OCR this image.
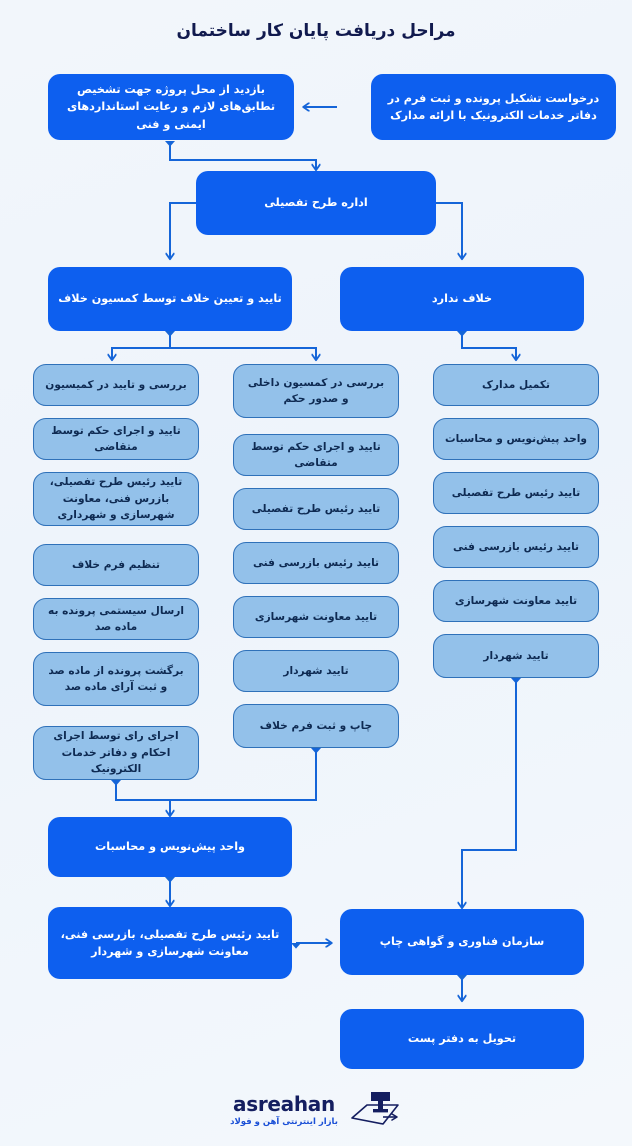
مراحل دریافت پایان کار ساختمان
درخواست تشکیل پرونده و ثبت فرم در دفاتر خدمات الکترونیک با ارائه مدارک
بازدید از محل پروژه جهت تشخیص تطابق‌های لازم و رعایت استانداردهای ایمنی و فنی
اداره طرح تفصیلی
تایید و تعیین خلاف توسط کمسیون خلاف	خلاف ندارد
بررسی و تایید در کمیسیون
تایید و اجرای حکم توسط متقاضی
تایید رئیس طرح تفصیلی، بازرس فنی، معاونت شهرسازی و شهرداری
تنظیم فرم خلاف
ارسال سیستمی پرونده به ماده صد
برگشت پرونده از ماده صد و ثبت آرای ماده صد
اجرای رای توسط اجرای احکام و دفاتر خدمات الکترونیک
بررسی در کمسیون داخلی و صدور حکم
تایید و اجرای حکم توسط متقاضی
تایید رئیس طرح تفصیلی
تایید رئیس بازرسی فنی
تایید معاونت شهرسازی
تایید شهردار
چاپ و ثبت فرم خلاف
تکمیل مدارک
واحد پیش‌نویس و محاسبات
تایید رئیس طرح تفصیلی
تایید رئیس بازرسی فنی
تایید معاونت شهرسازی
تایید شهردار
واحد پیش‌نویس و محاسبات
تایید رئیس طرح تفصیلی، بازرسی فنی، معاونت شهرسازی و شهردار
سازمان فناوری و گواهی چاپ
تحویل به دفتر پست
asreahan
بازار اینترنتی آهن و فولاد
